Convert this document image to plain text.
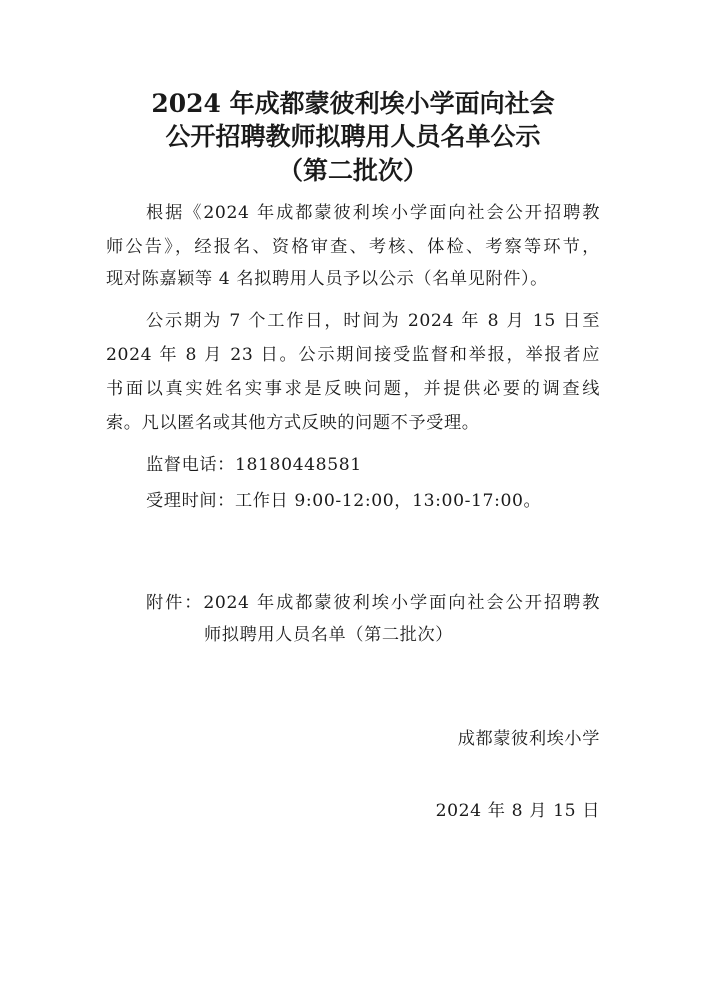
2024 年成都蒙彼利埃小学面向社会
公开招聘教师拟聘用人员名单公示
（第二批次）
根据《2024 年成都蒙彼利埃小学面向社会公开招聘教
师公告》，经报名、资格审查、考核、体检、考察等环节，
现对陈嘉颖等 4 名拟聘用人员予以公示（名单见附件）。
公示期为 7 个工作日，时间为 2024 年 8 月 15 日至
2024 年 8 月 23 日。公示期间接受监督和举报，举报者应
书面以真实姓名实事求是反映问题，并提供必要的调查线
索。凡以匿名或其他方式反映的问题不予受理。
监督电话：18180448581
受理时间：工作日 9:00-12:00，13:00-17:00。
附件：2024 年成都蒙彼利埃小学面向社会公开招聘教
师拟聘用人员名单（第二批次）
成都蒙彼利埃小学
2024 年 8 月 15 日
